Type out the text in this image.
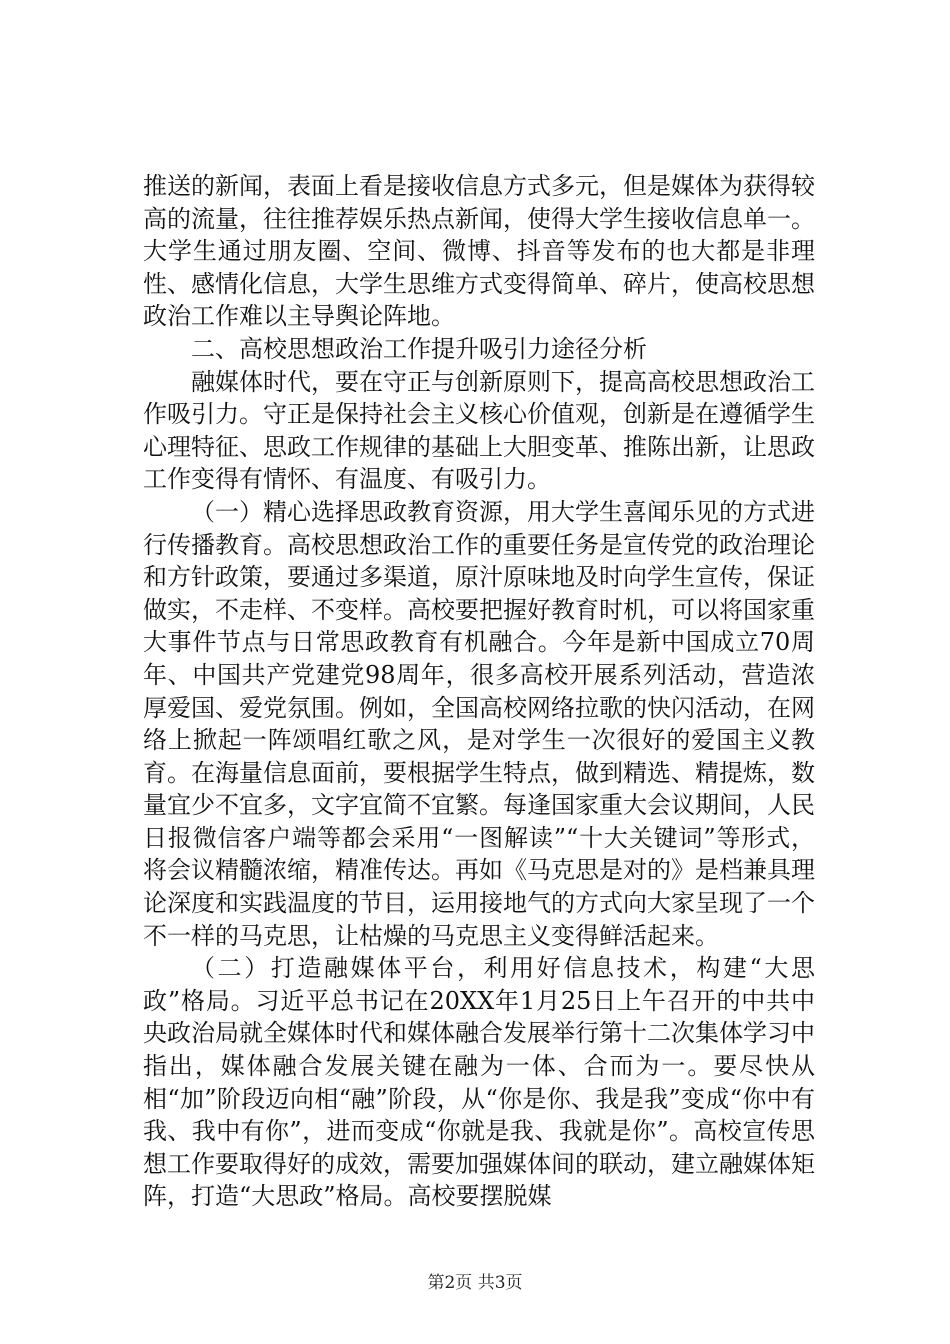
推送的新闻，表面上看是接收信息方式多元，但是媒体为获得较高的流量，往往推荐娱乐热点新闻，使得大学生接收信息单一。大学生通过朋友圈、空间、微博、抖音等发布的也大都是非理性、感情化信息，大学生思维方式变得简单、碎片，使高校思想政治工作难以主导舆论阵地。

二、高校思想政治工作提升吸引力途径分析

融媒体时代，要在守正与创新原则下，提高高校思想政治工作吸引力。守正是保持社会主义核心价值观，创新是在遵循学生心理特征、思政工作规律的基础上大胆变革、推陈出新，让思政工作变得有情怀、有温度、有吸引力。

（一）精心选择思政教育资源，用大学生喜闻乐见的方式进行传播教育。高校思想政治工作的重要任务是宣传党的政治理论和方针政策，要通过多渠道，原汁原味地及时向学生宣传，保证做实，不走样、不变样。高校要把握好教育时机，可以将国家重大事件节点与日常思政教育有机融合。今年是新中国成立70周年、中国共产党建党98周年，很多高校开展系列活动，营造浓厚爱国、爱党氛围。例如，全国高校网络拉歌的快闪活动，在网络上掀起一阵颂唱红歌之风，是对学生一次很好的爱国主义教育。在海量信息面前，要根据学生特点，做到精选、精提炼，数量宜少不宜多，文字宜简不宜繁。每逢国家重大会议期间，人民日报微信客户端等都会采用“一图解读”“十大关键词”等形式，将会议精髓浓缩，精准传达。再如《马克思是对的》是档兼具理论深度和实践温度的节目，运用接地气的方式向大家呈现了一个不一样的马克思，让枯燥的马克思主义变得鲜活起来。

（二）打造融媒体平台，利用好信息技术，构建“大思政”格局。习近平总书记在20XX年1月25日上午召开的中共中央政治局就全媒体时代和媒体融合发展举行第十二次集体学习中指出，媒体融合发展关键在融为一体、合而为一。要尽快从相“加”阶段迈向相“融”阶段，从“你是你、我是我”变成“你中有我、我中有你”，进而变成“你就是我、我就是你”。高校宣传思想工作要取得好的成效，需要加强媒体间的联动，建立融媒体矩阵，打造“大思政”格局。高校要摆脱媒

第2页 共3页
